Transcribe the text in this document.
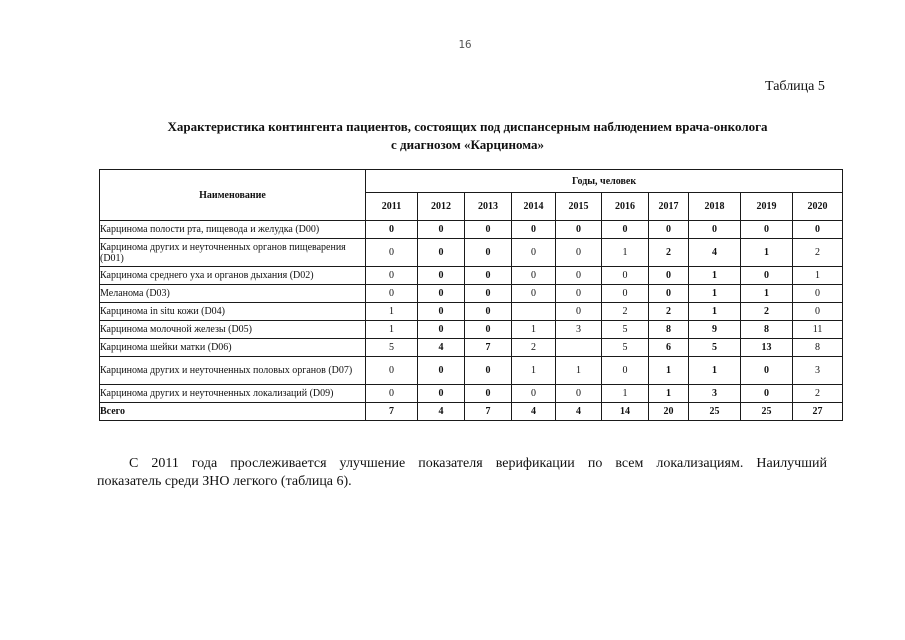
16
Таблица 5
Характеристика контингента пациентов, состоящих под диспансерным наблюдением врача-онколога
с диагнозом «Карцинома»
Наименование	Годы, человек									
	2011	2012	2013	2014	2015	2016	2017	2018	2019	2020
Карцинома полости рта, пищевода и желудка (D00)	0	0	0	0	0	0	0	0	0	0
Карцинома других и неуточненных органов пищеварения (D01)	0	0	0	0	0	1	2	4	1	2
Карцинома среднего уха и органов дыхания (D02)	0	0	0	0	0	0	0	1	0	1
Меланома (D03)	0	0	0	0	0	0	0	1	1	0
Карцинома in situ кожи (D04)	1	0	0		0	2	2	1	2	0
Карцинома молочной железы (D05)	1	0	0	1	3	5	8	9	8	11
Карцинома шейки матки (D06)	5	4	7	2		5	6	5	13	8
Карцинома других и неуточненных половых органов (D07)	0	0	0	1	1	0	1	1	0	3
Карцинома других и неуточненных локализаций (D09)	0	0	0	0	0	1	1	3	0	2
Всего	7	4	7	4	4	14	20	25	25	27
С 2011 года прослеживается улучшение показателя верификации по всем локализациям. Наилучший
показатель среди ЗНО легкого (таблица 6).
